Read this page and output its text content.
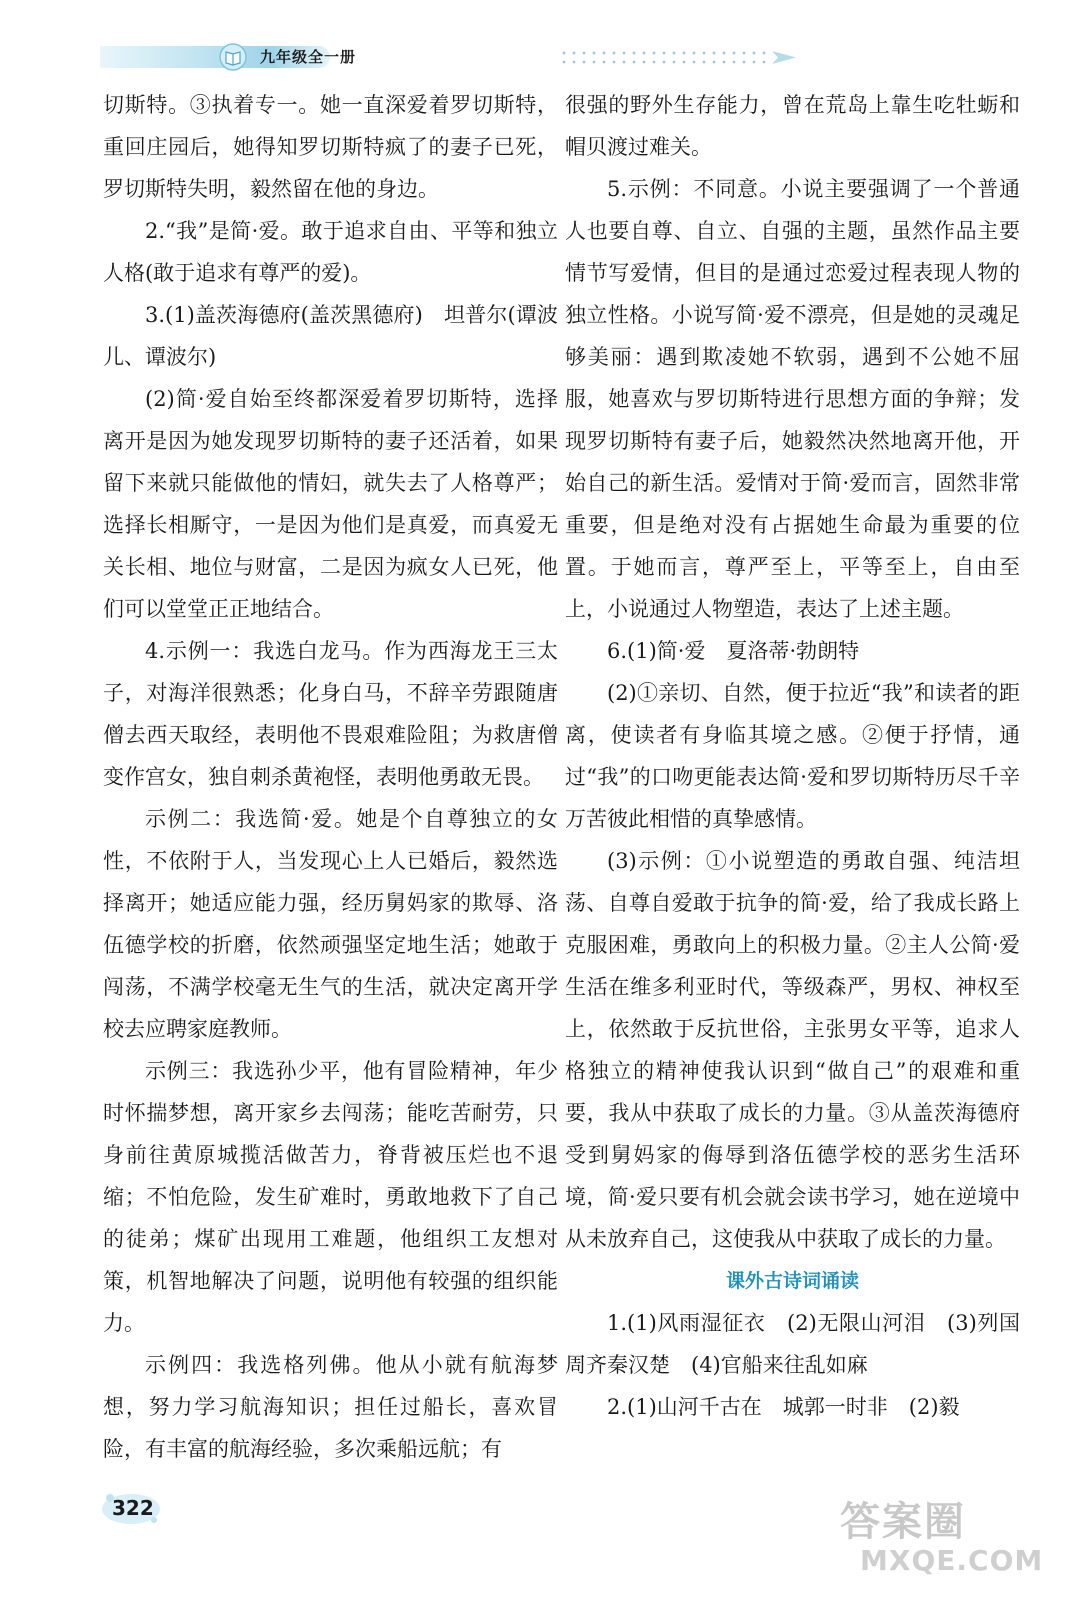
九年级全一册

切斯特。③执着专一。她一直深爱着罗切斯特，重回庄园后，她得知罗切斯特疯了的妻子已死，罗切斯特失明，毅然留在他的身边。

2.“我”是简·爱。敢于追求自由、平等和独立人格(敢于追求有尊严的爱)。

3.(1)盖茨海德府(盖茨黑德府)　坦普尔(谭波儿、谭波尔)

(2)简·爱自始至终都深爱着罗切斯特，选择离开是因为她发现罗切斯特的妻子还活着，如果留下来就只能做他的情妇，就失去了人格尊严；选择长相厮守，一是因为他们是真爱，而真爱无关长相、地位与财富，二是因为疯女人已死，他们可以堂堂正正地结合。

4.示例一：我选白龙马。作为西海龙王三太子，对海洋很熟悉；化身白马，不辞辛劳跟随唐僧去西天取经，表明他不畏艰难险阻；为救唐僧变作宫女，独自刺杀黄袍怪，表明他勇敢无畏。

示例二：我选简·爱。她是个自尊独立的女性，不依附于人，当发现心上人已婚后，毅然选择离开；她适应能力强，经历舅妈家的欺辱、洛伍德学校的折磨，依然顽强坚定地生活；她敢于闯荡，不满学校毫无生气的生活，就决定离开学校去应聘家庭教师。

示例三：我选孙少平，他有冒险精神，年少时怀揣梦想，离开家乡去闯荡；能吃苦耐劳，只身前往黄原城揽活做苦力，脊背被压烂也不退缩；不怕危险，发生矿难时，勇敢地救下了自己的徒弟；煤矿出现用工难题，他组织工友想对策，机智地解决了问题，说明他有较强的组织能力。

示例四：我选格列佛。他从小就有航海梦想，努力学习航海知识；担任过船长，喜欢冒险，有丰富的航海经验，多次乘船远航；有

很强的野外生存能力，曾在荒岛上靠生吃牡蛎和帽贝渡过难关。

5.示例：不同意。小说主要强调了一个普通人也要自尊、自立、自强的主题，虽然作品主要情节写爱情，但目的是通过恋爱过程表现人物的独立性格。小说写简·爱不漂亮，但是她的灵魂足够美丽：遇到欺凌她不软弱，遇到不公她不屈服，她喜欢与罗切斯特进行思想方面的争辩；发现罗切斯特有妻子后，她毅然决然地离开他，开始自己的新生活。爱情对于简·爱而言，固然非常重要，但是绝对没有占据她生命最为重要的位置。于她而言，尊严至上，平等至上，自由至上，小说通过人物塑造，表达了上述主题。

6.(1)简·爱　夏洛蒂·勃朗特

(2)①亲切、自然，便于拉近“我”和读者的距离，使读者有身临其境之感。②便于抒情，通过“我”的口吻更能表达简·爱和罗切斯特历尽千辛万苦彼此相惜的真挚感情。

(3)示例：①小说塑造的勇敢自强、纯洁坦荡、自尊自爱敢于抗争的简·爱，给了我成长路上克服困难，勇敢向上的积极力量。②主人公简·爱生活在维多利亚时代，等级森严，男权、神权至上，依然敢于反抗世俗，主张男女平等，追求人格独立的精神使我认识到“做自己”的艰难和重要，我从中获取了成长的力量。③从盖茨海德府受到舅妈家的侮辱到洛伍德学校的恶劣生活环境，简·爱只要有机会就会读书学习，她在逆境中从未放弃自己，这使我从中获取了成长的力量。

课外古诗词诵读

1.(1)风雨湿征衣　(2)无限山河泪　(3)列国周齐秦汉楚　(4)官船来往乱如麻

2.(1)山河千古在　城郭一时非　(2)毅

322	答案圈
MXQE.COM
